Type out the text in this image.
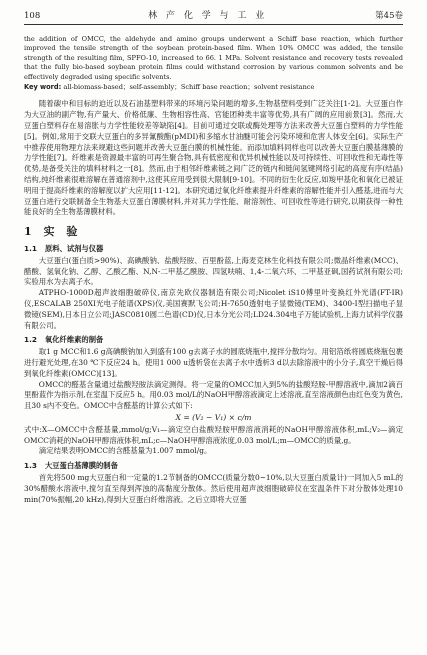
108	林 产 化 学 与 工 业	第45卷
the addition of OMCC, the aldehyde and amino groups underwent a Schiff base reaction, which further improved the tensile strength of the soybean protein-based film. When 10% OMCC was added, the tensile strength of the resulting film, SPFO-10, increased to 66. 1 MPa. Solvent resistance and recovery tests revealed that the fully bio-based soybean protein films could withstand corrosion by various common solvents and be effectively degraded using specific solvents.
Key word: all-biomass-based；self-assembly；Schiff base reaction；solvent resistance

随着碳中和目标的迫近以及石油基塑料带来的环境污染问题的增多,生物基塑料受到广泛关注[1-2]。大豆蛋白作为大豆油的副产物,有产量大、价格低廉、生物相容性高、官能团种类丰富等优势,具有广阔的应用前景[3]。然而,大豆蛋白塑料存在易溶胀与力学性能较差等缺陷[4]。目前可通过交联或酶处理等方法来改善大豆蛋白塑料的力学性能[5]。例如,常用于交联大豆蛋白的多异氰酸酯(pMDI)和多缩水甘油醚可能会污染环境和危害人体安全[6]。实际生产中推荐使用物理方法来规避这些问题并改善大豆蛋白膜的机械性能。而添加填料同样也可以改善大豆蛋白膜基薄膜的力学性能[7]。纤维素是资源最丰富的可再生聚合物,具有低密度和优异机械性能以及可持续性、可回收性和无毒性等优势,是备受关注的填料材料之一[8]。然而,由于相邻纤维素链之间广泛的链内和链间氢键网络引起的高度有序(结晶)结构,纯纤维素很难溶解在普通溶剂中,这使其应用受到很大限制[9-10]。不同的衍生化反应,如羧甲基化和氧化已被证明用于提高纤维素的溶解度以扩大应用[11-12]。本研究通过氧化纤维素提升纤维素的溶解性能并引入醛基,进而与大豆蛋白进行交联制备全生物基大豆蛋白薄膜材料,并对其力学性能、耐溶剂性、可回收性等进行研究,以期获得一种性能良好的全生物基薄膜材料。

1 实 验
1.1 原料、试剂与仪器

大豆蛋白(蛋白质>90%)、高碘酸钠、盐酸羟胺、百里酚蓝,上海麦克林生化科技有限公司;微晶纤维素(MCC)、醋酸、氢氧化钠、乙醇、乙酸乙酯、N,N-二甲基乙酰胺、四氢呋喃、1,4-二氧六环、二甲基亚砜,国药试剂有限公司;实验用水为去离子水。

ATPHO-1000D超声波细胞破碎仪,南京先欧仪器制造有限公司;Nicolet iS10傅里叶变换红外光谱(FT-IR)仪,ESCALAB 250XI光电子能谱(XPS)仪,美国赛默飞公司;H-7650透射电子显微镜(TEM)、3400-I型扫描电子显微镜(SEM),日本日立公司;JASC0810圆二色谱(CD)仪,日本分光公司;LD24.304电子万能试验机,上海力试科学仪器有限公司。

1.2 氧化纤维素的制备

取1 g MCC和1.6 g高碘酸钠加入到盛有100 g去离子水的圆底烧瓶中,搅拌分散均匀。用铝箔纸将圆底烧瓶包裹进行避光处理,在30 ℃下反应24 h。使用1 000 u透析袋在去离子水中透析3 d以去除溶液中的小分子,真空干燥后得到氧化纤维素(OMCC)[13]。

OMCC的醛基含量通过盐酸羟胺法滴定测得。将一定量的OMCC加入到5%的盐酸羟胺-甲醇溶液中,滴加2滴百里酚蓝作为指示剂,在室温下反应5 h。用0.03 mol/L的NaOH甲醇溶液滴定上述溶液,直至溶液颜色由红色变为黄色,且30 s内不变色。OMCC中含醛基的计算公式如下:

X = (V₂ − V₁) × c/m

式中:X—OMCC中含醛基量,mmol/g;V₁—滴定空白盐酸羟胺甲醇溶液消耗的NaOH甲醇溶液体积,mL;V₂—滴定OMCC消耗的NaOH甲醇溶液体积,mL;c—NaOH甲醇溶液浓度,0.03 mol/L;m—OMCC的质量,g。

滴定结果表明OMCC的含醛基量为1.007 mmol/g。

1.3 大豆蛋白基薄膜的制备

首先将500 mg大豆蛋白和一定量的1.2节制备的OMCC(质量分数0~10%,以大豆蛋白质量计)一同加入5 mL的30%醋酸水溶液中,搅匀直至得到浑浊的高黏度分散体。然后使用超声波细胞破碎仪在室温条件下对分散体处理10 min(70%振幅,20 kHz),得到大豆蛋白纤维溶液。之后立即将大豆蛋
